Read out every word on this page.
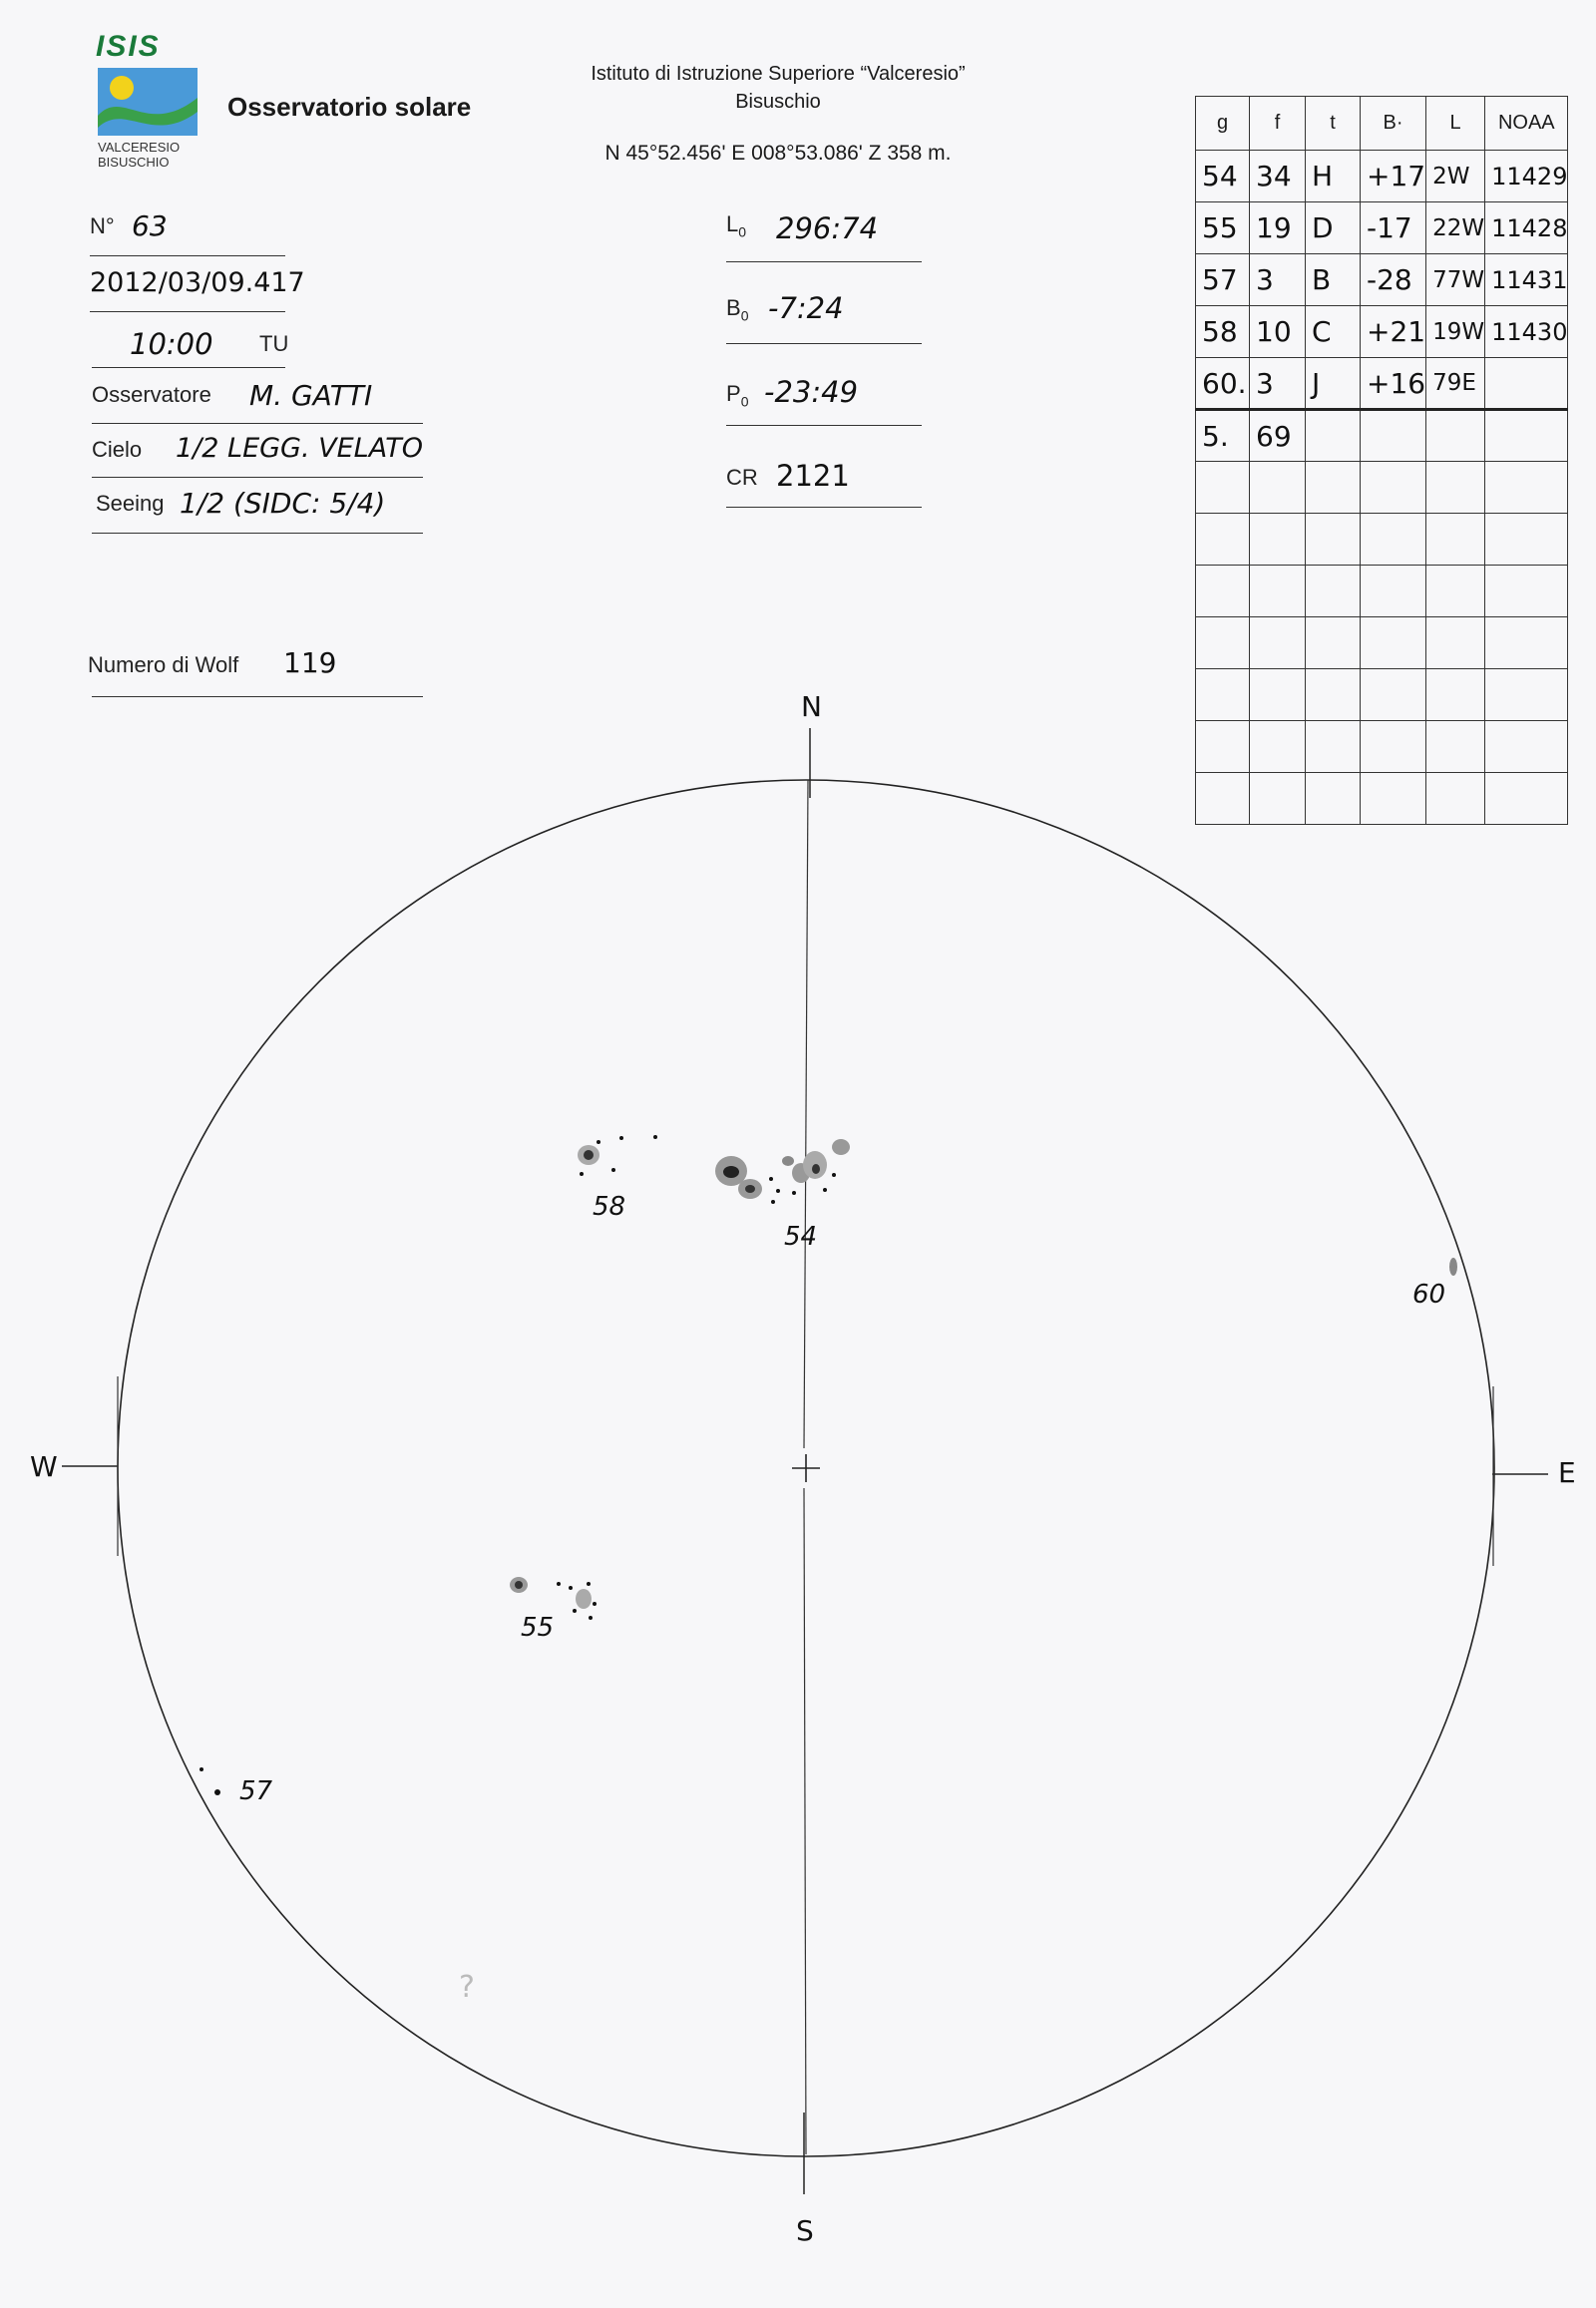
ISIS
VALCERESIO
BISUSCHIO
Osservatorio solare
Istituto di Istruzione Superiore “Valceresio”
Bisuschio
N 45°52.456' E 008°53.086' Z 358 m.
N° 63
2012/03/09.417
10:00 TU
Osservatore M. GATTI
Cielo 1/2 LEGG. VELATO
Seeing 1/2 (SIDC: 5/4)
Numero di Wolf 119
$L_0$ 296:74
$B_0$ -7:24
$P_0$ -23:49
CR 2121
g	f	t	B·	L	NOAA
54	34	H	+17	2W	11429
55	19	D	-17	22W	11428
57	3	B	-28	77W	11431
58	10	C	+21	19W	11430
60.	3	J	+16	79E	
5.	69				

N
S
E
W
58
54
60
55
57
?
